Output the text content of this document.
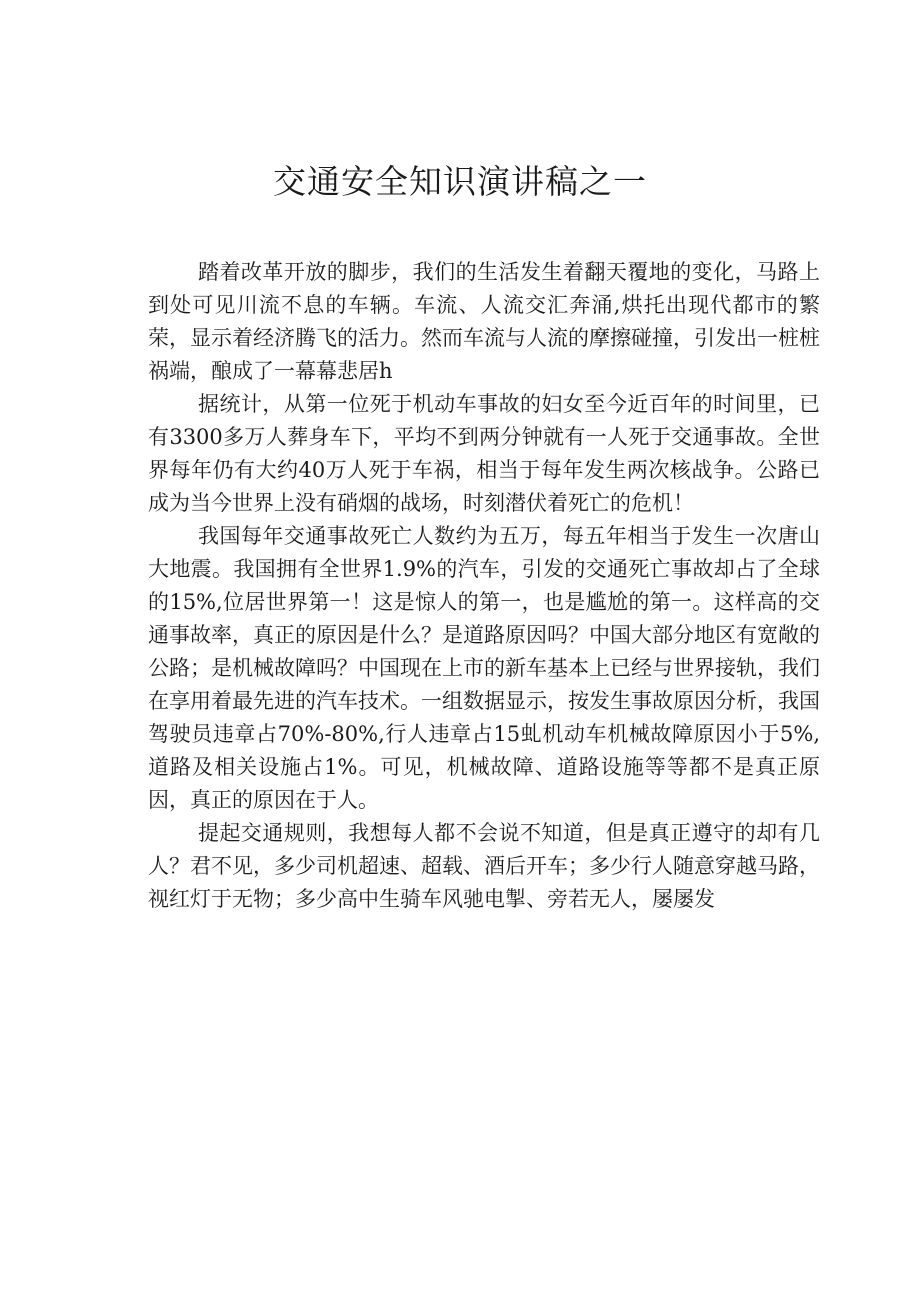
交通安全知识演讲稿之一

踏着改革开放的脚步，我们的生活发生着翻天覆地的变化，马路上到处可见川流不息的车辆。车流、人流交汇奔涌,烘托出现代都市的繁荣，显示着经济腾飞的活力。然而车流与人流的摩擦碰撞，引发出一桩桩祸端，酿成了一幕幕悲居h

据统计，从第一位死于机动车事故的妇女至今近百年的时间里，已有3300多万人葬身车下，平均不到两分钟就有一人死于交通事故。全世界每年仍有大约40万人死于车祸，相当于每年发生两次核战争。公路已成为当今世界上没有硝烟的战场，时刻潜伏着死亡的危机！

我国每年交通事故死亡人数约为五万，每五年相当于发生一次唐山大地震。我国拥有全世界1.9%的汽车，引发的交通死亡事故却占了全球的15%,位居世界第一！这是惊人的第一，也是尴尬的第一。这样高的交通事故率，真正的原因是什么？是道路原因吗？中国大部分地区有宽敞的公路；是机械故障吗？中国现在上市的新车基本上已经与世界接轨，我们在享用着最先进的汽车技术。一组数据显示，按发生事故原因分析，我国驾驶员违章占70%-80%,行人违章占15虬机动车机械故障原因小于5%,道路及相关设施占1%。可见，机械故障、道路设施等等都不是真正原因，真正的原因在于人。

提起交通规则，我想每人都不会说不知道，但是真正遵守的却有几人？君不见，多少司机超速、超载、酒后开车；多少行人随意穿越马路，视红灯于无物；多少高中生骑车风驰电掣、旁若无人，屡屡发
